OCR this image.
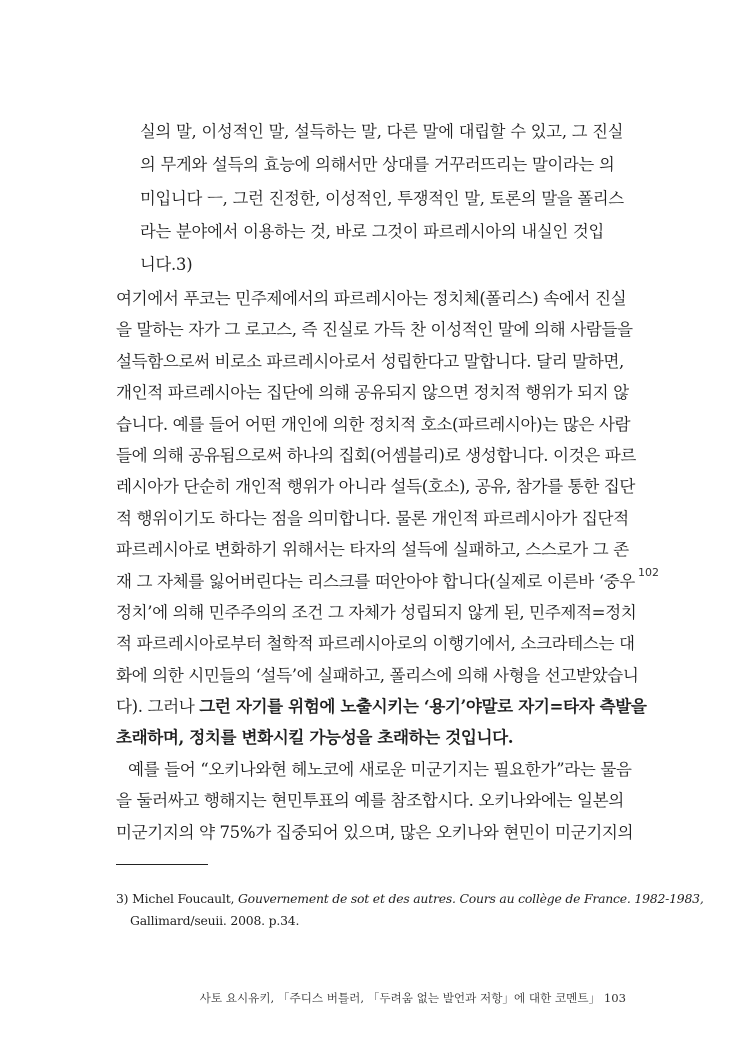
실의 말, 이성적인 말, 설득하는 말, 다른 말에 대립할 수 있고, 그 진실
의 무게와 설득의 효능에 의해서만 상대를 거꾸러뜨리는 말이라는 의
미입니다 ㅡ, 그런 진정한, 이성적인, 투쟁적인 말, 토론의 말을 폴리스
라는 분야에서 이용하는 것, 바로 그것이 파르레시아의 내실인 것입
니다.3)
여기에서 푸코는 민주제에서의 파르레시아는 정치체(폴리스) 속에서 진실
을 말하는 자가 그 로고스, 즉 진실로 가득 찬 이성적인 말에 의해 사람들을
설득함으로써 비로소 파르레시아로서 성립한다고 말합니다. 달리 말하면,
개인적 파르레시아는 집단에 의해 공유되지 않으면 정치적 행위가 되지 않
습니다. 예를 들어 어떤 개인에 의한 정치적 호소(파르레시아)는 많은 사람
들에 의해 공유됨으로써 하나의 집회(어셈블리)로 생성합니다. 이것은 파르
레시아가 단순히 개인적 행위가 아니라 설득(호소), 공유, 참가를 통한 집단
적 행위이기도 하다는 점을 의미합니다. 물론 개인적 파르레시아가 집단적
파르레시아로 변화하기 위해서는 타자의 설득에 실패하고, 스스로가 그 존
재 그 자체를 잃어버린다는 리스크를 떠안아야 합니다(실제로 이른바 ‘중우
정치’에 의해 민주주의의 조건 그 자체가 성립되지 않게 된, 민주제적=정치
적 파르레시아로부터 철학적 파르레시아로의 이행기에서, 소크라테스는 대
화에 의한 시민들의 ‘설득’에 실패하고, 폴리스에 의해 사형을 선고받았습니
다). 그러나 그런 자기를 위험에 노출시키는 ‘용기’야말로 자기=타자 측발을
초래하며, 정치를 변화시킬 가능성을 초래하는 것입니다.
예를 들어 “오키나와현 헤노코에 새로운 미군기지는 필요한가”라는 물음
을 둘러싸고 행해지는 현민투표의 예를 참조합시다. 오키나와에는 일본의
미군기지의 약 75%가 집중되어 있으며, 많은 오키나와 현민이 미군기지의
102
3) Michel Foucault, Gouvernement de sot et des autres. Cours au collège de France. 1982-1983,
Gallimard/seuii. 2008. p.34.
사토 요시유키, 「주디스 버틀러, 「두려움 없는 발언과 저항」에 대한 코멘트」 103
